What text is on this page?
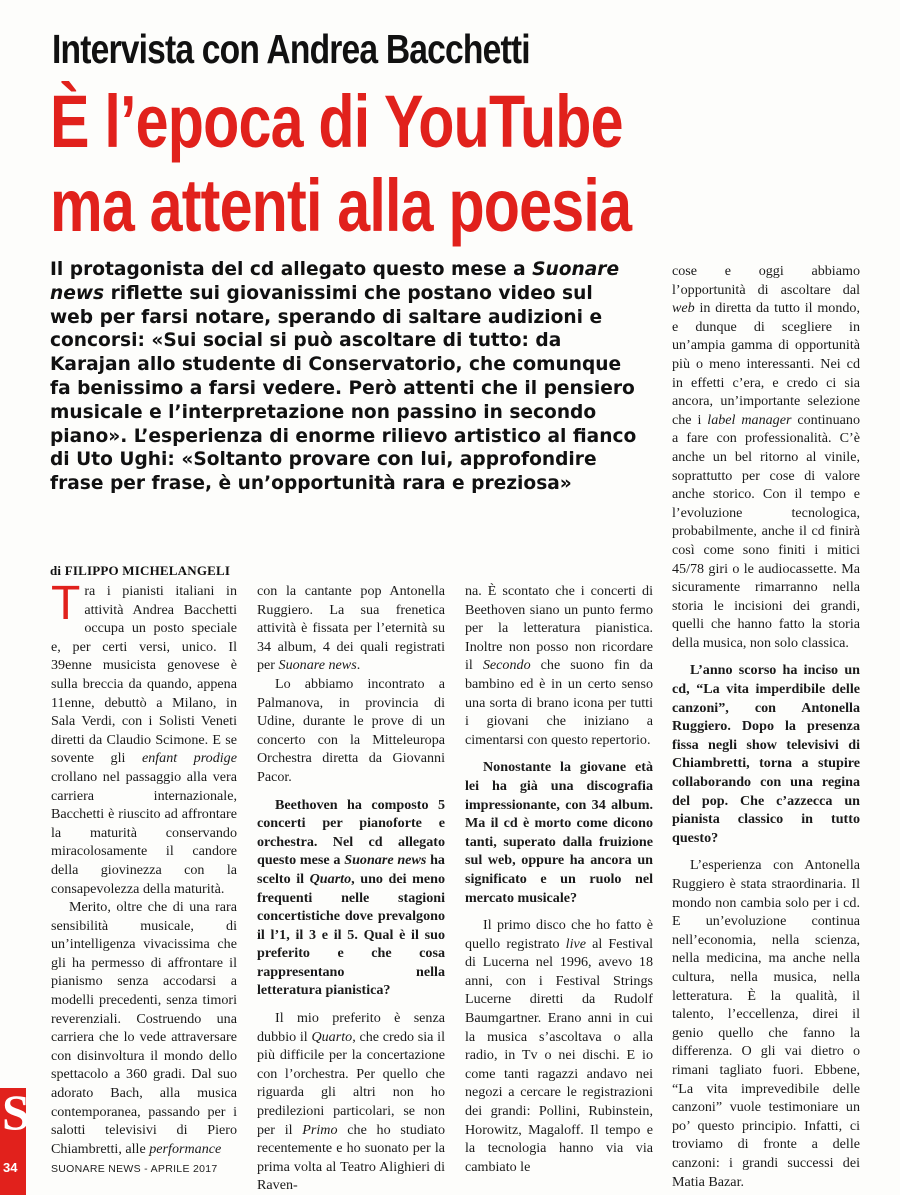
Intervista con Andrea Bacchetti
È l’epoca di YouTube
ma attenti alla poesia
Il protagonista del cd allegato questo mese a Suonare news riflette sui giovanissimi che postano video sul web per farsi notare, sperando di saltare audizioni e concorsi: «Sui social si può ascoltare di tutto: da Karajan allo studente di Conservatorio, che comunque fa benissimo a farsi vedere. Però attenti che il pensiero musicale e l’interpretazione non passino in secondo piano». L’esperienza di enorme rilievo artistico al fianco di Uto Ughi: «Soltanto provare con lui, approfondire frase per frase, è un’opportunità rara e preziosa»
di FILIPPO MICHELANGELI

Tra i pianisti italiani in attività Andrea Bacchetti occupa un posto speciale e, per certi versi, unico. Il 39enne musicista genovese è sulla breccia da quando, appena 11enne, debuttò a Milano, in Sala Verdi, con i Solisti Veneti diretti da Claudio Scimone. E se sovente gli enfant prodige crollano nel passaggio alla vera carriera internazionale, Bacchetti è riuscito ad affrontare la maturità conservando miracolosamente il candore della giovinezza con la consapevolezza della maturità.

Merito, oltre che di una rara sensibilità musicale, di un’intelligenza vivacissima che gli ha permesso di affrontare il pianismo senza accodarsi a modelli precedenti, senza timori reverenziali. Costruendo una carriera che lo vede attraversare con disinvoltura il mondo dello spettacolo a 360 gradi. Dal suo adorato Bach, alla musica contemporanea, passando per i salotti televisivi di Piero Chiambretti, alle performance

con la cantante pop Antonella Ruggiero. La sua frenetica attività è fissata per l’eternità su 34 album, 4 dei quali registrati per Suonare news.

Lo abbiamo incontrato a Palmanova, in provincia di Udine, durante le prove di un concerto con la Mitteleuropa Orchestra diretta da Giovanni Pacor.

Beethoven ha composto 5 concerti per pianoforte e orchestra. Nel cd allegato questo mese a Suonare news ha scelto il Quarto, uno dei meno frequenti nelle stagioni concertistiche dove prevalgono il l’1, il 3 e il 5. Qual è il suo preferito e che cosa rappresentano nella letteratura pianistica?

Il mio preferito è senza dubbio il Quarto, che credo sia il più difficile per la concertazione con l’orchestra. Per quello che riguarda gli altri non ho predilezioni particolari, se non per il Primo che ho studiato recentemente e ho suonato per la prima volta al Teatro Alighieri di Raven-

na. È scontato che i concerti di Beethoven siano un punto fermo per la letteratura pianistica. Inoltre non posso non ricordare il Secondo che suono fin da bambino ed è in un certo senso una sorta di brano icona per tutti i giovani che iniziano a cimentarsi con questo repertorio.

Nonostante la giovane età lei ha già una discografia impressionante, con 34 album. Ma il cd è morto come dicono tanti, superato dalla fruizione sul web, oppure ha ancora un significato e un ruolo nel mercato musicale?

Il primo disco che ho fatto è quello registrato live al Festival di Lucerna nel 1996, avevo 18 anni, con i Festival Strings Lucerne diretti da Rudolf Baumgartner. Erano anni in cui la musica s’ascoltava o alla radio, in Tv o nei dischi. E io come tanti ragazzi andavo nei negozi a cercare le registrazioni dei grandi: Pollini, Rubinstein, Horowitz, Magaloff. Il tempo e la tecnologia hanno via via cambiato le

cose e oggi abbiamo l’opportunità di ascoltare dal web in diretta da tutto il mondo, e dunque di scegliere in un’ampia gamma di opportunità più o meno interessanti. Nei cd in effetti c’era, e credo ci sia ancora, un’importante selezione che i label manager continuano a fare con professionalità. C’è anche un bel ritorno al vinile, soprattutto per cose di valore anche storico. Con il tempo e l’evoluzione tecnologica, probabilmente, anche il cd finirà così come sono finiti i mitici 45/78 giri o le audiocassette. Ma sicuramente rimarranno nella storia le incisioni dei grandi, quelli che hanno fatto la storia della musica, non solo classica.

L’anno scorso ha inciso un cd, “La vita imperdibile delle canzoni”, con Antonella Ruggiero. Dopo la presenza fissa negli show televisivi di Chiambretti, torna a stupire collaborando con una regina del pop. Che c’azzecca un pianista classico in tutto questo?

L’esperienza con Antonella Ruggiero è stata straordinaria. Il mondo non cambia solo per i cd. E un’evoluzione continua nell’economia, nella scienza, nella medicina, ma anche nella cultura, nella musica, nella letteratura. È la qualità, il talento, l’eccellenza, direi il genio quello che fanno la differenza. O gli vai dietro o rimani tagliato fuori. Ebbene, “La vita imprevedibile delle canzoni” vuole testimoniare un po’ questo principio. Infatti, ci troviamo di fronte a delle canzoni: i grandi successi dei Matia Bazar.

S
34	SUONARE NEWS - APRILE 2017
